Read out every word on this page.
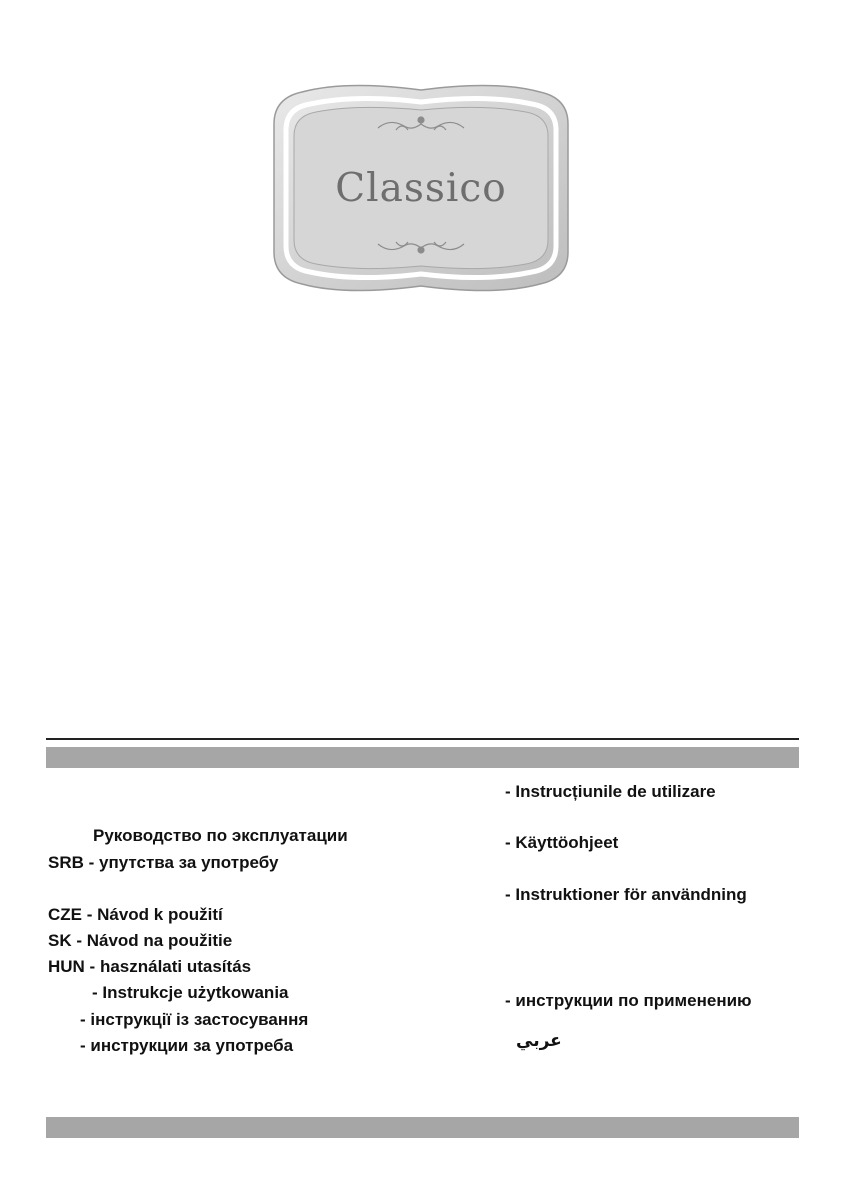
Classico
Руководство по эксплуатации
SRB - упутства за употребу
CZE - Návod k použití
SK - Návod na použitie
HUN - használati utasítás
- Instrukcje użytkowania
- інструкції із застосування
- инструкции за употреба
- Instrucțiunile de utilizare
- Käyttöohjeet
- Instruktioner för användning
- инструкции по применению
عربي
